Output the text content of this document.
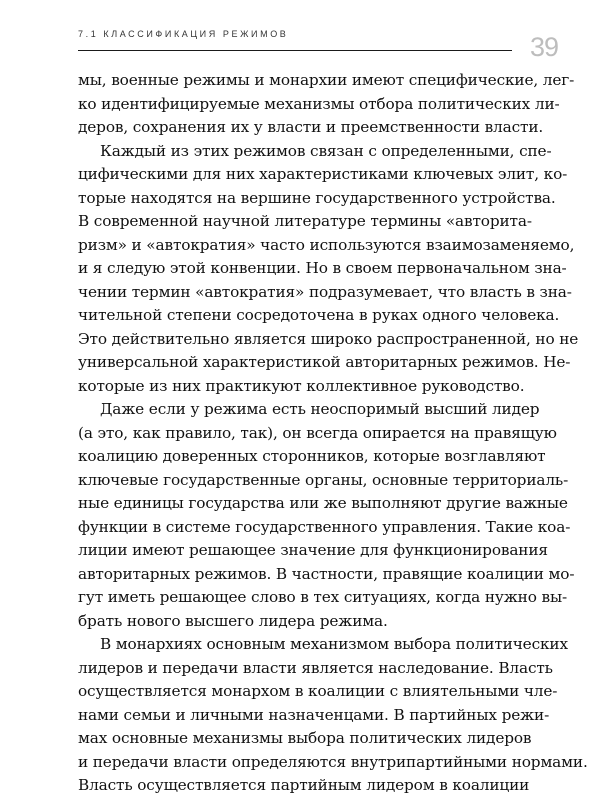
7.1 КЛАССИФИКАЦИЯ РЕЖИМОВ	39
мы, военные режимы и монархии имеют специфические, лег-
ко идентифицируемые механизмы отбора политических ли-
деров, сохранения их у власти и преемственности власти.
Каждый из этих режимов связан с определенными, спе-
цифическими для них характеристиками ключевых элит, ко-
торые находятся на вершине государственного устройства.
В современной научной литературе термины «авторита-
ризм» и «автократия» часто используются взаимозаменяемо,
и я следую этой конвенции. Но в своем первоначальном зна-
чении термин «автократия» подразумевает, что власть в зна-
чительной степени сосредоточена в руках одного человека.
Это действительно является широко распространенной, но не
универсальной характеристикой авторитарных режимов. Не-
которые из них практикуют коллективное руководство.
Даже если у режима есть неоспоримый высший лидер
(а это, как правило, так), он всегда опирается на правящую
коалицию доверенных сторонников, которые возглавляют
ключевые государственные органы, основные территориаль-
ные единицы государства или же выполняют другие важные
функции в системе государственного управления. Такие коа-
лиции имеют решающее значение для функционирования
авторитарных режимов. В частности, правящие коалиции мо-
гут иметь решающее слово в тех ситуациях, когда нужно вы-
брать нового высшего лидера режима.
В монархиях основным механизмом выбора политических
лидеров и передачи власти является наследование. Власть
осуществляется монархом в коалиции с влиятельными чле-
нами семьи и личными назначенцами. В партийных режи-
мах основные механизмы выбора политических лидеров
и передачи власти определяются внутрипартийными нормами.
Власть осуществляется партийным лидером в коалиции
